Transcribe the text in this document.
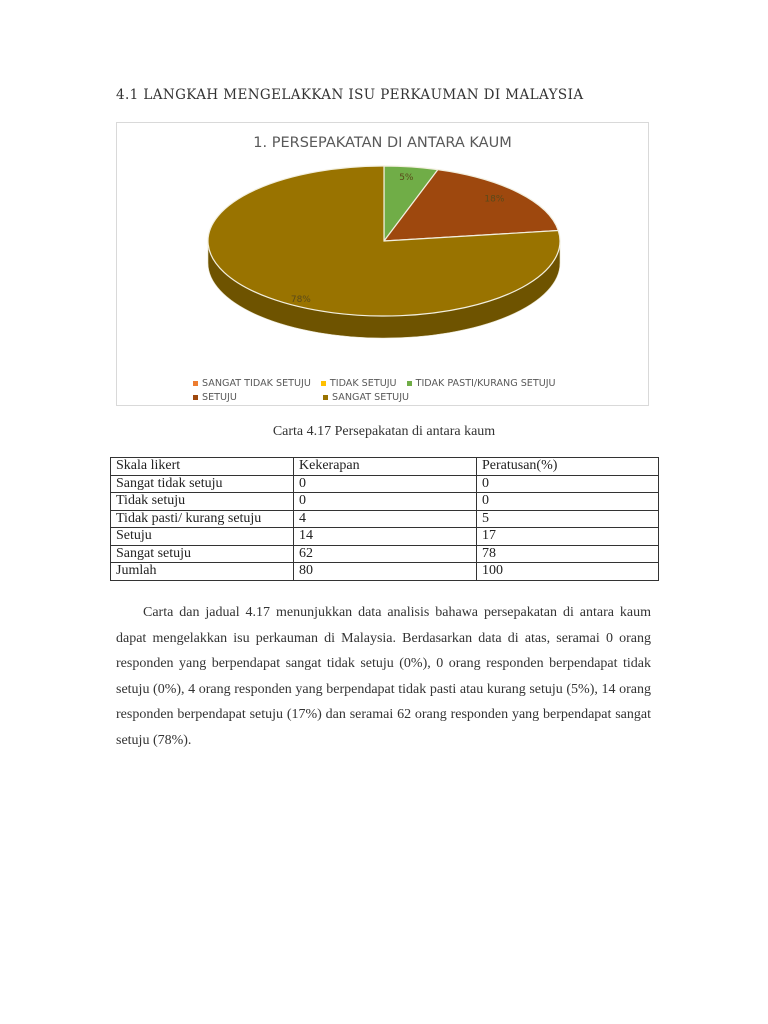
4.1 LANGKAH MENGELAKKAN ISU PERKAUMAN DI MALAYSIA
1. PERSEPAKATAN DI ANTARA KAUM
5%
18%
78%
SANGAT TIDAK SETUJU TIDAK SETUJU TIDAK PASTI/KURANG SETUJU
SETUJU	SANGAT SETUJU
Carta 4.17 Persepakatan di antara kaum
Skala likert	Kekerapan	Peratusan(%)
Sangat tidak setuju	0	0
Tidak setuju	0	0
Tidak pasti/ kurang setuju	4	5
Setuju	14	17
Sangat setuju	62	78
Jumlah	80	100
Carta dan jadual 4.17 menunjukkan data analisis bahawa persepakatan di antara kaum dapat mengelakkan isu perkauman di Malaysia. Berdasarkan data di atas, seramai 0 orang responden yang berpendapat sangat tidak setuju (0%), 0 orang responden berpendapat tidak setuju (0%), 4 orang responden yang berpendapat tidak pasti atau kurang setuju (5%), 14 orang responden berpendapat setuju (17%) dan seramai 62 orang responden yang berpendapat sangat setuju (78%).
